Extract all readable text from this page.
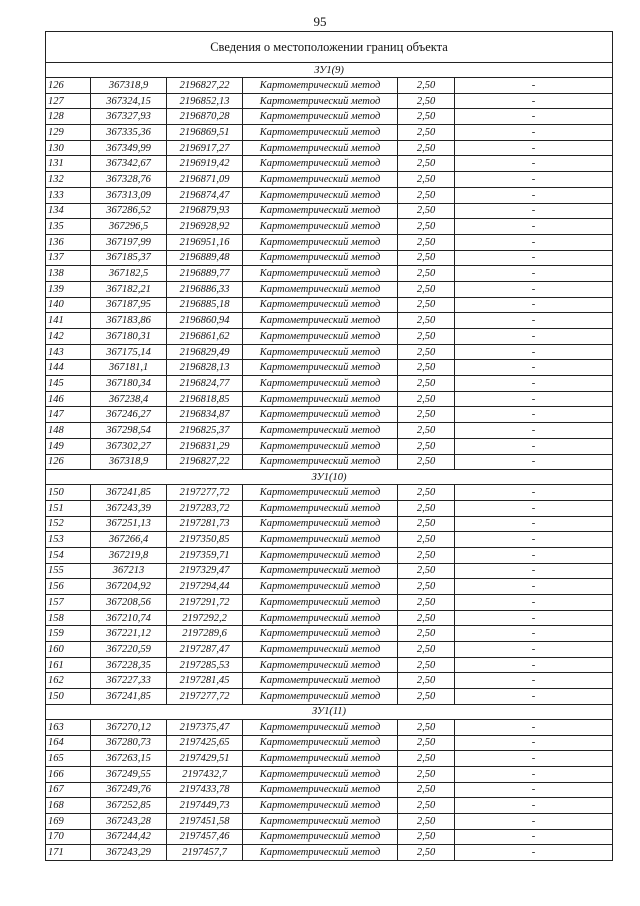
95
Сведения о местоположении границ объекта					
ЗУ1(9)					
126	367318,9	2196827,22	Картометрический метод	2,50	-
127	367324,15	2196852,13	Картометрический метод	2,50	-
128	367327,93	2196870,28	Картометрический метод	2,50	-
129	367335,36	2196869,51	Картометрический метод	2,50	-
130	367349,99	2196917,27	Картометрический метод	2,50	-
131	367342,67	2196919,42	Картометрический метод	2,50	-
132	367328,76	2196871,09	Картометрический метод	2,50	-
133	367313,09	2196874,47	Картометрический метод	2,50	-
134	367286,52	2196879,93	Картометрический метод	2,50	-
135	367296,5	2196928,92	Картометрический метод	2,50	-
136	367197,99	2196951,16	Картометрический метод	2,50	-
137	367185,37	2196889,48	Картометрический метод	2,50	-
138	367182,5	2196889,77	Картометрический метод	2,50	-
139	367182,21	2196886,33	Картометрический метод	2,50	-
140	367187,95	2196885,18	Картометрический метод	2,50	-
141	367183,86	2196860,94	Картометрический метод	2,50	-
142	367180,31	2196861,62	Картометрический метод	2,50	-
143	367175,14	2196829,49	Картометрический метод	2,50	-
144	367181,1	2196828,13	Картометрический метод	2,50	-
145	367180,34	2196824,77	Картометрический метод	2,50	-
146	367238,4	2196818,85	Картометрический метод	2,50	-
147	367246,27	2196834,87	Картометрический метод	2,50	-
148	367298,54	2196825,37	Картометрический метод	2,50	-
149	367302,27	2196831,29	Картометрический метод	2,50	-
126	367318,9	2196827,22	Картометрический метод	2,50	-
ЗУ1(10)					
150	367241,85	2197277,72	Картометрический метод	2,50	-
151	367243,39	2197283,72	Картометрический метод	2,50	-
152	367251,13	2197281,73	Картометрический метод	2,50	-
153	367266,4	2197350,85	Картометрический метод	2,50	-
154	367219,8	2197359,71	Картометрический метод	2,50	-
155	367213	2197329,47	Картометрический метод	2,50	-
156	367204,92	2197294,44	Картометрический метод	2,50	-
157	367208,56	2197291,72	Картометрический метод	2,50	-
158	367210,74	2197292,2	Картометрический метод	2,50	-
159	367221,12	2197289,6	Картометрический метод	2,50	-
160	367220,59	2197287,47	Картометрический метод	2,50	-
161	367228,35	2197285,53	Картометрический метод	2,50	-
162	367227,33	2197281,45	Картометрический метод	2,50	-
150	367241,85	2197277,72	Картометрический метод	2,50	-
ЗУ1(11)					
163	367270,12	2197375,47	Картометрический метод	2,50	-
164	367280,73	2197425,65	Картометрический метод	2,50	-
165	367263,15	2197429,51	Картометрический метод	2,50	-
166	367249,55	2197432,7	Картометрический метод	2,50	-
167	367249,76	2197433,78	Картометрический метод	2,50	-
168	367252,85	2197449,73	Картометрический метод	2,50	-
169	367243,28	2197451,58	Картометрический метод	2,50	-
170	367244,42	2197457,46	Картометрический метод	2,50	-
171	367243,29	2197457,7	Картометрический метод	2,50	-
